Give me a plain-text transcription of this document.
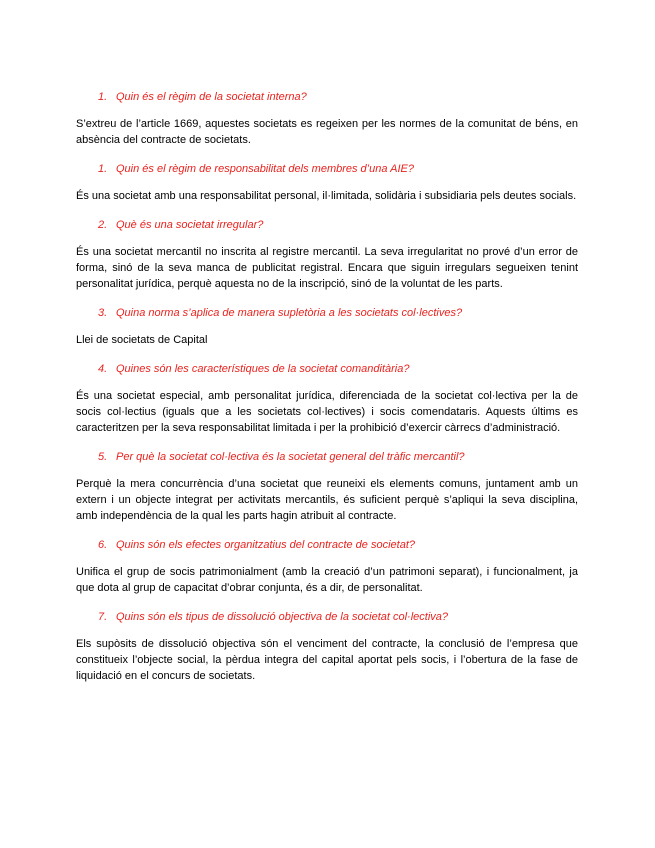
1. Quin és el règim de la societat interna?

S’extreu de l’article 1669, aquestes societats es regeixen per les normes de la comunitat de béns, en absència del contracte de societats.

1. Quin és el règim de responsabilitat dels membres d’una AIE?

És una societat amb una responsabilitat personal, il·limitada, solidària i subsidiaria pels deutes socials.

2. Què és una societat irregular?

És una societat mercantil no inscrita al registre mercantil. La seva irregularitat no prové d’un error de forma, sinó de la seva manca de publicitat registral. Encara que siguin irregulars segueixen tenint personalitat jurídica, perquè aquesta no de la inscripció, sinó de la voluntat de les parts.

3. Quina norma s’aplica de manera supletòria a les societats col·lectives?

Llei de societats de Capital

4. Quines són les característiques de la societat comanditària?

És una societat especial, amb personalitat jurídica, diferenciada de la societat col·lectiva per la de socis col·lectius (iguals que a les societats col·lectives) i socis comendataris. Aquests últims es caracteritzen per la seva responsabilitat limitada i per la prohibició d’exercir càrrecs d’administració.

5. Per què la societat col·lectiva és la societat general del tràfic mercantil?

Perquè la mera concurrència d’una societat que reuneixi els elements comuns, juntament amb un extern i un objecte integrat per activitats mercantils, és suficient perquè s’apliqui la seva disciplina, amb independència de la qual les parts hagin atribuit al contracte.

6. Quins són els efectes organitzatius del contracte de societat?

Unifica el grup de socis patrimonialment (amb la creació d’un patrimoni separat), i funcionalment, ja que dota al grup de capacitat d’obrar conjunta, és a dir, de personalitat.

7. Quins són els tipus de dissolució objectiva de la societat col·lectiva?

Els supòsits de dissolució objectiva són el venciment del contracte, la conclusió de l’empresa que constitueix l’objecte social, la pèrdua integra del capital aportat pels socis, i l’obertura de la fase de liquidació en el concurs de societats.
